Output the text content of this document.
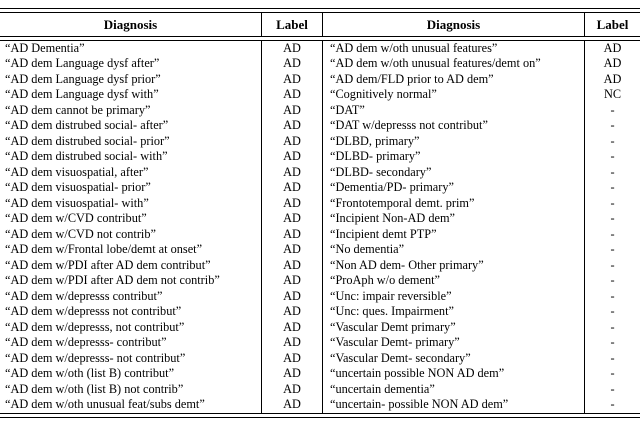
Diagnosis	Label	Diagnosis	Label
“AD Dementia”	AD	“AD dem w/oth unusual features”	AD
“AD dem Language dysf after”	AD	“AD dem w/oth unusual features/demt on”	AD
“AD dem Language dysf prior”	AD	“AD dem/FLD prior to AD dem”	AD
“AD dem Language dysf with”	AD	“Cognitively normal”	NC
“AD dem cannot be primary”	AD	“DAT”	-
“AD dem distrubed social- after”	AD	“DAT w/depresss not contribut”	-
“AD dem distrubed social- prior”	AD	“DLBD, primary”	-
“AD dem distrubed social- with”	AD	“DLBD- primary”	-
“AD dem visuospatial, after”	AD	“DLBD- secondary”	-
“AD dem visuospatial- prior”	AD	“Dementia/PD- primary”	-
“AD dem visuospatial- with”	AD	“Frontotemporal demt. prim”	-
“AD dem w/CVD contribut”	AD	“Incipient Non-AD dem”	-
“AD dem w/CVD not contrib”	AD	“Incipient demt PTP”	-
“AD dem w/Frontal lobe/demt at onset”	AD	“No dementia”	-
“AD dem w/PDI after AD dem contribut”	AD	“Non AD dem- Other primary”	-
“AD dem w/PDI after AD dem not contrib”	AD	“ProAph w/o dement”	-
“AD dem w/depresss contribut”	AD	“Unc: impair reversible”	-
“AD dem w/depresss not contribut”	AD	“Unc: ques. Impairment”	-
“AD dem w/depresss, not contribut”	AD	“Vascular Demt primary”	-
“AD dem w/depresss- contribut”	AD	“Vascular Demt- primary”	-
“AD dem w/depresss- not contribut”	AD	“Vascular Demt- secondary”	-
“AD dem w/oth (list B) contribut”	AD	“uncertain possible NON AD dem”	-
“AD dem w/oth (list B) not contrib”	AD	“uncertain dementia”	-
“AD dem w/oth unusual feat/subs demt”	AD	“uncertain- possible NON AD dem”	-
